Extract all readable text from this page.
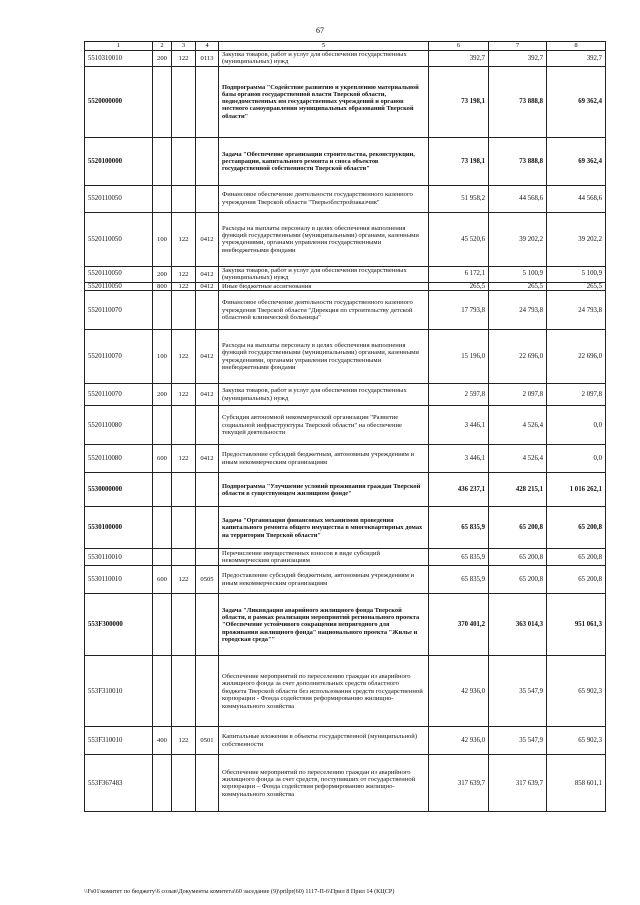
67
1	2	3	4	5	6	7	8
5510310010	200	122	0113	Закупка товаров, работ и услуг для обеспечения государственных (муниципальных) нужд	392,7	392,7	392,7
5520000000				Подпрограмма "Содействие развитию и укреплению материальной базы органов государственной власти Тверской области, подведомственных им государственных учреждений и органов местного самоуправления муниципальных образований Тверской области"	73 198,1	73 888,8	69 362,4
5520100000				Задача "Обеспечение организации строительства, реконструкции, реставрации, капитального ремонта и сноса объектов государственной собственности Тверской области"	73 198,1	73 888,8	69 362,4
5520110050				Финансовое обеспечение деятельности государственного казенного учреждения Тверской области "Тверьоблстройзаказчик"	51 958,2	44 568,6	44 568,6
5520110050	100	122	0412	Расходы на выплаты персоналу в целях обеспечения выполнения функций государственными (муниципальными) органами, казенными учреждениями, органами управления государственными внебюджетными фондами	45 520,6	39 202,2	39 202,2
5520110050	200	122	0412	Закупка товаров, работ и услуг для обеспечения государственных (муниципальных) нужд	6 172,1	5 100,9	5 100,9
5520110050	800	122	0412	Иные бюджетные ассигнования	265,5	265,5	265,5
5520110070				Финансовое обеспечение деятельности государственного казенного учреждения Тверской области "Дирекция по строительству детской областной клинической больницы"	17 793,8	24 793,8	24 793,8
5520110070	100	122	0412	Расходы на выплаты персоналу в целях обеспечения выполнения функций государственными (муниципальными) органами, казенными учреждениями, органами управления государственными внебюджетными фондами	15 196,0	22 696,0	22 696,0
5520110070	200	122	0412	Закупка товаров, работ и услуг для обеспечения государственных (муниципальных) нужд	2 597,8	2 097,8	2 097,8
5520110080				Субсидия автономной некоммерческой организации "Развитие социальной инфраструктуры Тверской области" на обеспечение текущей деятельности	3 446,1	4 526,4	0,0
5520110080	600	122	0412	Предоставление субсидий бюджетным, автономным учреждениям и иным некоммерческим организациям	3 446,1	4 526,4	0,0
5530000000				Подпрограмма "Улучшение условий проживания граждан Тверской области в существующем жилищном фонде"	436 237,1	428 215,1	1 016 262,1
5530100000				Задача "Организация финансовых механизмов проведения капитального ремонта общего имущества в многоквартирных домах на территории Тверской области"	65 835,9	65 200,8	65 200,8
5530110010				Перечисление имущественных взносов в виде субсидий некоммерческим организациям	65 835,9	65 200,8	65 200,8
5530110010	600	122	0505	Предоставление субсидий бюджетным, автономным учреждениям и иным некоммерческим организациям	65 835,9	65 200,8	65 200,8
553F300000				Задача "Ликвидация аварийного жилищного фонда Тверской области, в рамках реализации мероприятий регионального проекта "Обеспечение устойчивого сокращения непригодного для проживания жилищного фонда" национального проекта "Жилье и городская среда""	370 401,2	363 014,3	951 061,3
553F310010				Обеспечение мероприятий по переселению граждан из аварийного жилищного фонда за счет дополнительных средств областного бюджета Тверской области без использования средств государственной корпорации - Фонда содействия реформированию жилищно-коммунального хозяйства	42 936,0	35 547,9	65 902,3
553F310010	400	122	0501	Капитальные вложения в объекты государственной (муниципальной) собственности	42 936,0	35 547,9	65 902,3
553F367483				Обеспечение мероприятий по переселению граждан из аварийного жилищного фонда за счет средств, поступивших от государственной корпорации – Фонда содействия реформированию жилищно-коммунального хозяйства	317 639,7	317 639,7	858 601,1
\\Fs01\комитет по бюджету\6 созыв\Документы комитета\60 заседание (9)\prilpr(60) 1117-П-6\Прил 8 Прил 14 (КЦСР)
